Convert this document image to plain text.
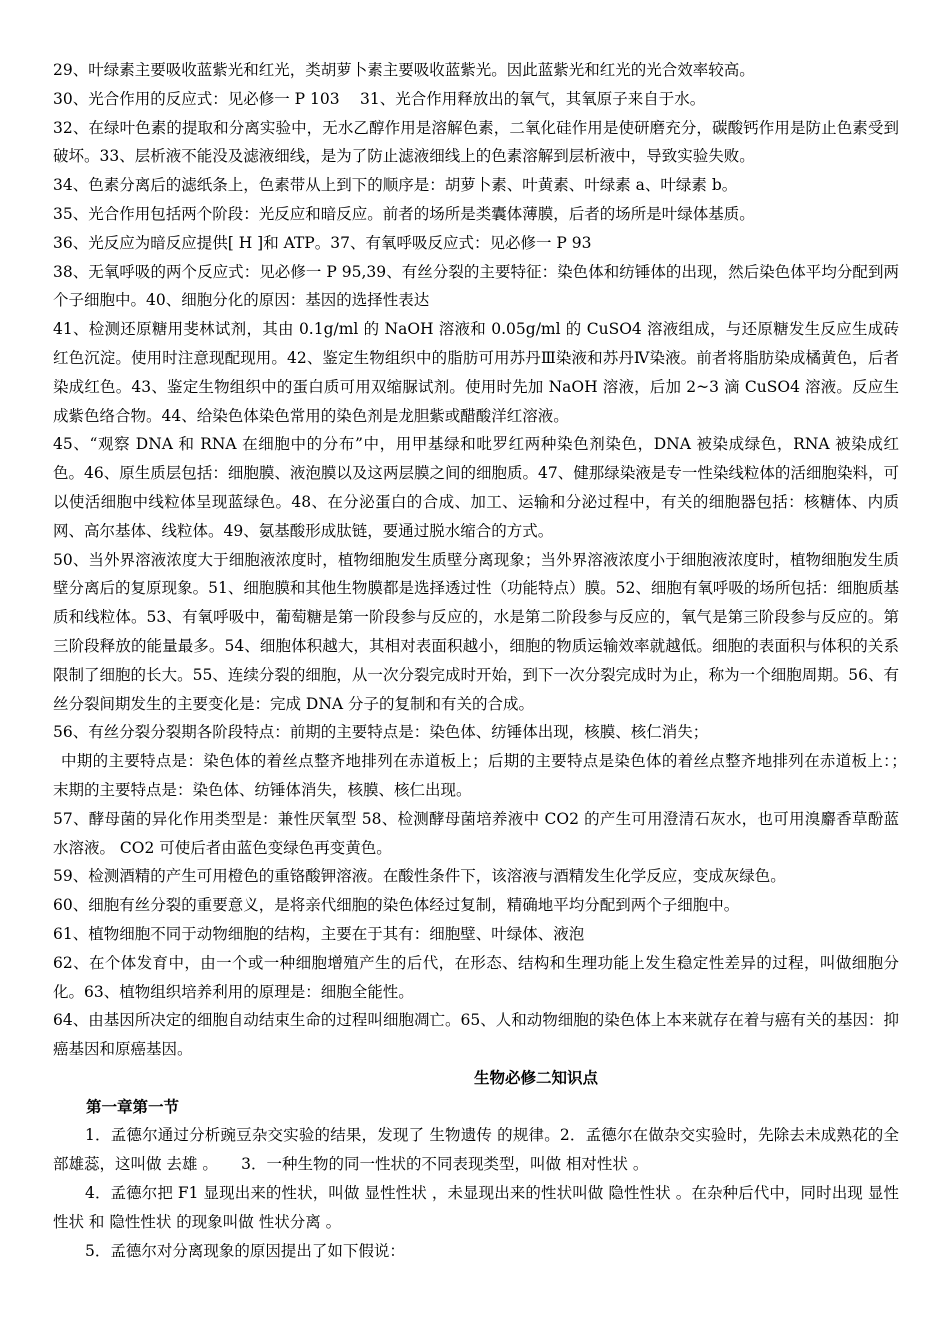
29、叶绿素主要吸收蓝紫光和红光，类胡萝卜素主要吸收蓝紫光。因此蓝紫光和红光的光合效率较高。

30、光合作用的反应式：见必修一 P 103　 31、光合作用释放出的氧气，其氧原子来自于水。

32、在绿叶色素的提取和分离实验中，无水乙醇作用是溶解色素，二氧化硅作用是使研磨充分，碳酸钙作用是防止色素受到破坏。33、层析液不能没及滤液细线，是为了防止滤液细线上的色素溶解到层析液中，导致实验失败。

34、色素分离后的滤纸条上，色素带从上到下的顺序是：胡萝卜素、叶黄素、叶绿素 a、叶绿素 b。

35、光合作用包括两个阶段：光反应和暗反应。前者的场所是类囊体薄膜，后者的场所是叶绿体基质。

36、光反应为暗反应提供[ H ]和 ATP。37、有氧呼吸反应式：见必修一 P 93

38、无氧呼吸的两个反应式：见必修一 P 95,39、有丝分裂的主要特征：染色体和纺锤体的出现，然后染色体平均分配到两个子细胞中。40、细胞分化的原因：基因的选择性表达

41、检测还原糖用斐林试剂，其由 0.1g/ml 的 NaOH 溶液和 0.05g/ml 的 CuSO4 溶液组成，与还原糖发生反应生成砖红色沉淀。使用时注意现配现用。42、鉴定生物组织中的脂肪可用苏丹Ⅲ染液和苏丹Ⅳ染液。前者将脂肪染成橘黄色，后者染成红色。43、鉴定生物组织中的蛋白质可用双缩脲试剂。使用时先加 NaOH 溶液，后加 2~3 滴 CuSO4 溶液。反应生成紫色络合物。44、给染色体染色常用的染色剂是龙胆紫或醋酸洋红溶液。

45、“观察 DNA 和 RNA 在细胞中的分布”中，用甲基绿和吡罗红两种染色剂染色，DNA 被染成绿色，RNA 被染成红色。46、原生质层包括：细胞膜、液泡膜以及这两层膜之间的细胞质。47、健那绿染液是专一性染线粒体的活细胞染料，可以使活细胞中线粒体呈现蓝绿色。48、在分泌蛋白的合成、加工、运输和分泌过程中，有关的细胞器包括：核糖体、内质网、高尔基体、线粒体。49、氨基酸形成肽链，要通过脱水缩合的方式。

50、当外界溶液浓度大于细胞液浓度时，植物细胞发生质壁分离现象；当外界溶液浓度小于细胞液浓度时，植物细胞发生质壁分离后的复原现象。51、细胞膜和其他生物膜都是选择透过性（功能特点）膜。52、细胞有氧呼吸的场所包括：细胞质基质和线粒体。53、有氧呼吸中，葡萄糖是第一阶段参与反应的，水是第二阶段参与反应的，氧气是第三阶段参与反应的。第三阶段释放的能量最多。54、细胞体积越大，其相对表面积越小，细胞的物质运输效率就越低。细胞的表面积与体积的关系限制了细胞的长大。55、连续分裂的细胞，从一次分裂完成时开始，到下一次分裂完成时为止，称为一个细胞周期。56、有丝分裂间期发生的主要变化是：完成 DNA 分子的复制和有关的合成。

56、有丝分裂分裂期各阶段特点：前期的主要特点是：染色体、纺锤体出现，核膜、核仁消失；

中期的主要特点是：染色体的着丝点整齐地排列在赤道板上；后期的主要特点是染色体的着丝点整齐地排列在赤道板上：；　末期的主要特点是：染色体、纺锤体消失，核膜、核仁出现。

57、酵母菌的异化作用类型是：兼性厌氧型 58、检测酵母菌培养液中 CO2 的产生可用澄清石灰水，也可用溴麝香草酚蓝水溶液。 CO2 可使后者由蓝色变绿色再变黄色。

59、检测酒精的产生可用橙色的重铬酸钾溶液。在酸性条件下，该溶液与酒精发生化学反应，变成灰绿色。

60、细胞有丝分裂的重要意义，是将亲代细胞的染色体经过复制，精确地平均分配到两个子细胞中。

61、植物细胞不同于动物细胞的结构，主要在于其有：细胞壁、叶绿体、液泡

62、在个体发育中，由一个或一种细胞增殖产生的后代，在形态、结构和生理功能上发生稳定性差异的过程，叫做细胞分化。63、植物组织培养利用的原理是：细胞全能性。

64、由基因所决定的细胞自动结束生命的过程叫细胞凋亡。65、人和动物细胞的染色体上本来就存在着与癌有关的基因：抑癌基因和原癌基因。

生物必修二知识点

第一章第一节

1．孟德尔通过分析豌豆杂交实验的结果，发现了 生物遗传 的规律。2．孟德尔在做杂交实验时，先除去未成熟花的全部雄蕊，这叫做 去雄 。　　3．一种生物的同一性状的不同表现类型，叫做 相对性状 。

4．孟德尔把 F1 显现出来的性状，叫做 显性性状 ，未显现出来的性状叫做 隐性性状 。在杂种后代中，同时出现 显性性状 和 隐性性状 的现象叫做 性状分离 。

5．孟德尔对分离现象的原因提出了如下假说：
